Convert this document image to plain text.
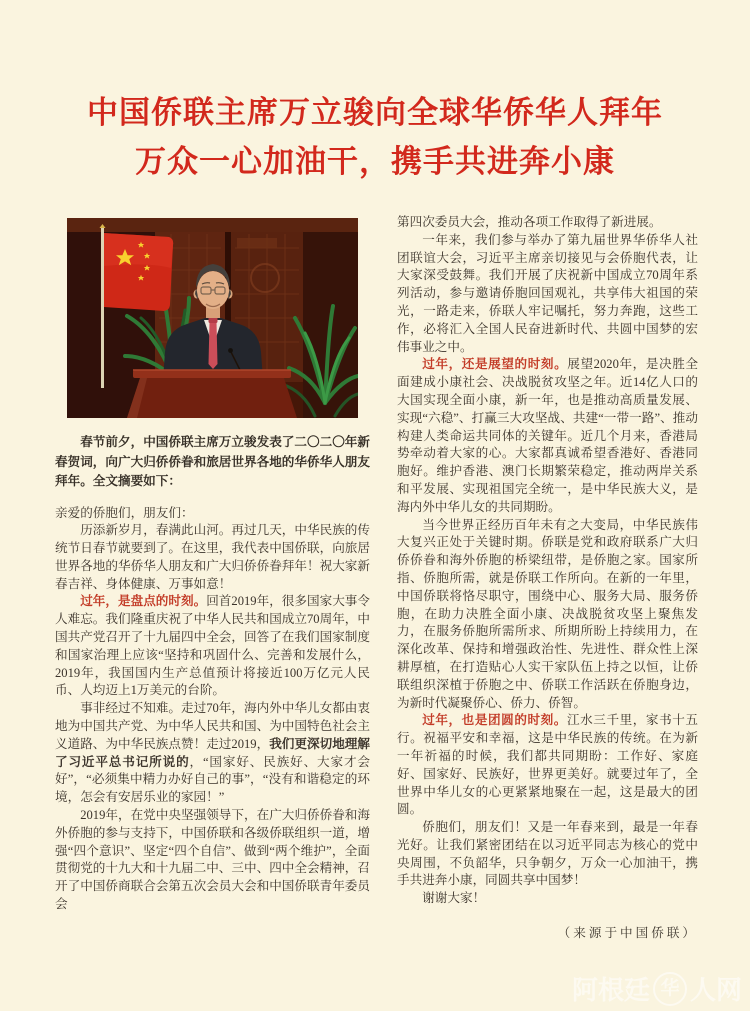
中国侨联主席万立骏向全球华侨华人拜年
万众一心加油干，携手共进奔小康

春节前夕，中国侨联主席万立骏发表了二〇二〇年新春贺词，向广大归侨侨眷和旅居世界各地的华侨华人朋友拜年。全文摘要如下：

亲爱的侨胞们，朋友们：

历添新岁月，春满此山河。再过几天，中华民族的传统节日春节就要到了。在这里，我代表中国侨联，向旅居世界各地的华侨华人朋友和广大归侨侨眷拜年！祝大家新春吉祥、身体健康、万事如意！

过年，是盘点的时刻。回首2019年，很多国家大事令人难忘。我们隆重庆祝了中华人民共和国成立70周年，中国共产党召开了十九届四中全会，回答了在我们国家制度和国家治理上应该“坚持和巩固什么、完善和发展什么，2019年，我国国内生产总值预计将接近100万亿元人民币、人均迈上1万美元的台阶。

事非经过不知难。走过70年，海内外中华儿女都由衷地为中国共产党、为中华人民共和国、为中国特色社会主义道路、为中华民族点赞！走过2019，我们更深切地理解了习近平总书记所说的，“国家好、民族好、大家才会好”，“必须集中精力办好自己的事”，“没有和谐稳定的环境，怎会有安居乐业的家园！”

2019年，在党中央坚强领导下，在广大归侨侨眷和海外侨胞的参与支持下，中国侨联和各级侨联组织一道，增强“四个意识”、坚定“四个自信”、做到“两个维护”，全面贯彻党的十九大和十九届二中、三中、四中全会精神，召开了中国侨商联合会第五次会员大会和中国侨联青年委员会

第四次委员大会，推动各项工作取得了新进展。

一年来，我们参与举办了第九届世界华侨华人社团联谊大会，习近平主席亲切接见与会侨胞代表，让大家深受鼓舞。我们开展了庆祝新中国成立70周年系列活动，参与邀请侨胞回国观礼，共享伟大祖国的荣光，一路走来，侨联人牢记嘱托，努力奔跑，这些工作，必将汇入全国人民奋进新时代、共圆中国梦的宏伟事业之中。

过年，还是展望的时刻。展望2020年，是决胜全面建成小康社会、决战脱贫攻坚之年。近14亿人口的大国实现全面小康，新一年，也是推动高质量发展、实现“六稳”、打赢三大攻坚战、共建“一带一路”、推动构建人类命运共同体的关键年。近几个月来，香港局势牵动着大家的心。大家都真诚希望香港好、香港同胞好。维护香港、澳门长期繁荣稳定，推动两岸关系和平发展、实现祖国完全统一，是中华民族大义，是海内外中华儿女的共同期盼。

当今世界正经历百年未有之大变局，中华民族伟大复兴正处于关键时期。侨联是党和政府联系广大归侨侨眷和海外侨胞的桥梁纽带，是侨胞之家。国家所指、侨胞所需，就是侨联工作所向。在新的一年里，中国侨联将恪尽职守，围绕中心、服务大局、服务侨胞，在助力决胜全面小康、决战脱贫攻坚上聚焦发力，在服务侨胞所需所求、所期所盼上持续用力，在深化改革、保持和增强政治性、先进性、群众性上深耕厚植，在打造贴心人实干家队伍上持之以恒，让侨联组织深植于侨胞之中、侨联工作活跃在侨胞身边，为新时代凝聚侨心、侨力、侨智。

过年，也是团圆的时刻。江水三千里，家书十五行。祝福平安和幸福，这是中华民族的传统。在为新一年祈福的时候，我们都共同期盼：工作好、家庭好、国家好、民族好，世界更美好。就要过年了，全世界中华儿女的心更紧紧地聚在一起，这是最大的团圆。

侨胞们，朋友们！又是一年春来到，最是一年春光好。让我们紧密团结在以习近平同志为核心的党中央周围，不负韶华，只争朝夕，万众一心加油干，携手共进奔小康，同圆共享中国梦！

谢谢大家！

（来源于中国侨联）
阿根廷 华 人网
